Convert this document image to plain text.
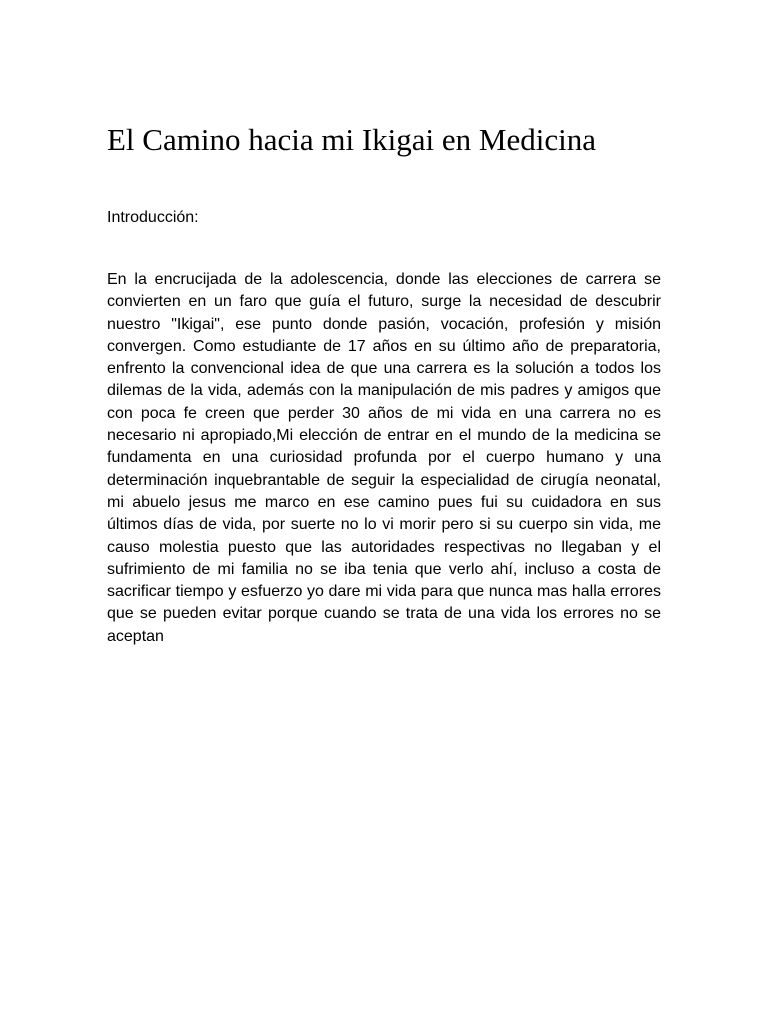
El Camino hacia mi Ikigai en Medicina

Introducción:

En la encrucijada de la adolescencia, donde las elecciones de carrera se convierten en un faro que guía el futuro, surge la necesidad de descubrir nuestro "Ikigai", ese punto donde pasión, vocación, profesión y misión convergen. Como estudiante de 17 años en su último año de preparatoria, enfrento la convencional idea de que una carrera es la solución a todos los dilemas de la vida, además con la manipulación de mis padres y amigos que con poca fe creen que perder 30 años de mi vida en una carrera no es necesario ni apropiado,Mi elección de entrar en el mundo de la medicina se fundamenta en una curiosidad profunda por el cuerpo humano y una determinación inquebrantable de seguir la especialidad de cirugía neonatal, mi abuelo jesus me marco en ese camino pues fui su cuidadora en sus últimos días de vida, por suerte no lo vi morir pero si su cuerpo sin vida, me causo molestia puesto que las autoridades respectivas no llegaban y el sufrimiento de mi familia no se iba tenia que verlo ahí, incluso a costa de sacrificar tiempo y esfuerzo yo dare mi vida para que nunca mas halla errores que se pueden evitar porque cuando se trata de una vida los errores no se aceptan
